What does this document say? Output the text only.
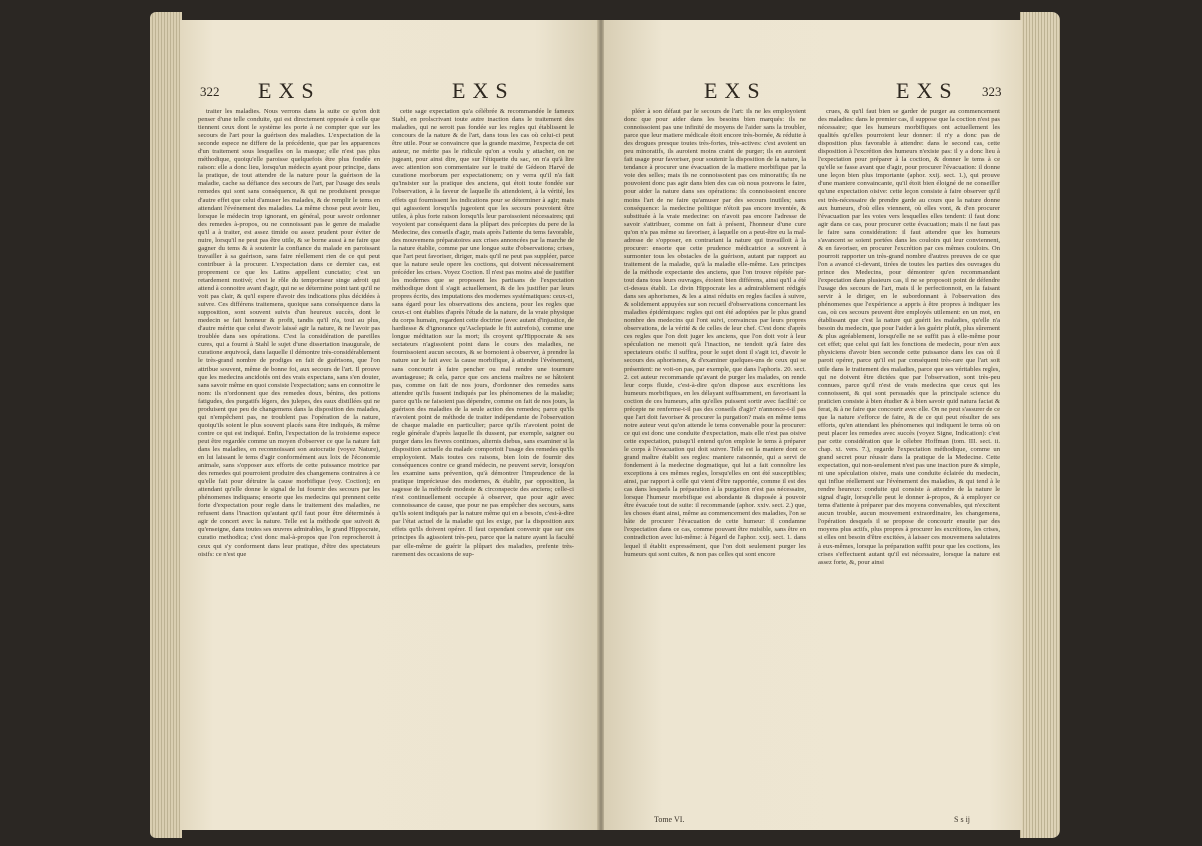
322 EXS	EXS

traiter les maladies. Nous verrons dans la suite ce qu'on doit penser d'une telle conduite, qui est directement opposée à celle que tiennent ceux dont le système les porte à ne compter que sur les secours de l'art pour la guérison des maladies. L'expectation de la seconde espece ne differe de la précédente, que par les apparences d'un traitement sous lesquelles on la masque; elle n'est pas plus méthodique, quoiqu'elle paroisse quelquefois être plus fondée en raison: elle a donc lieu, lorsqu'un médecin ayant pour principe, dans la pratique, de tout attendre de la nature pour la guérison de la maladie, cache sa défiance des secours de l'art, par l'usage des seuls remedes qui sont sans conséquence, & qui ne produisent presque d'autre effet que celui d'amuser les malades, & de remplir le tems en attendant l'événement des maladies. La même chose peut avoir lieu, lorsque le médecin trop ignorant, en général, pour savoir ordonner des remedes à-propos, ou ne connoissant pas le genre de maladie qu'il a à traiter, est assez timide ou assez prudent pour éviter de nuire, lorsqu'il ne peut pas être utile, & se borne aussi à ne faire que gagner du tems & à soutenir la confiance du malade en paroissant travailler à sa guérison, sans faire réellement rien de ce qui peut contribuer à la procurer. L'expectation dans ce dernier cas, est proprement ce que les Latins appellent cunctatio; c'est un retardement motivé; c'est le rôle du temporiseur singe adroit qui attend à connoitre avant d'agir, qui ne se détermine point tant qu'il ne voit pas clair, & qu'il espere d'avoir des indications plus décidées à suivre. Ces différens traitemens, quoique sans conséquence dans la supposition, sont souvent suivis d'un heureux succès, dont le medecin se fait honneur & profit, tandis qu'il n'a, tout au plus, d'autre mérite que celui d'avoir laissé agir la nature, & ne l'avoir pas troublée dans ses opérations. C'est la considération de pareilles cures, qui a fourni à Stahl le sujet d'une dissertation inaugurale, de curatione æquivocâ, dans laquelle il démontre très-considérablement le très-grand nombre de prodiges en fait de guérisons, que l'on attribue souvent, même de bonne foi, aux secours de l'art. Il prouve que les medecins ancidotés ont des vrais expectans, sans s'en douter, sans savoir même en quoi consiste l'expectation; sans en connoitre le nom: ils n'ordonnent que des remedes doux, bénins, des potions fatigudes, des purgatifs légers, des julepes, des eaux distillées qui ne produisent que peu de changemens dans la disposition des malades, qui n'empêchent pas, ne troublent pas l'opération de la nature, quoiqu'ils soient le plus souvent placés sans être indiqués, & même contre ce qui est indiqué. Enfin, l'expectation de la troisieme espece peut être regardée comme un moyen d'observer ce que la nature fait dans les maladies, en reconnoissant son autocratie (voyez Nature), en lui laissant le tems d'agir conformément aux loix de l'économie animale, sans s'opposer aux efforts de cette puissance motrice par des remedes qui pourroient produire des changemens contraires à ce qu'elle fait pour détruire la cause morbifique (voy. Coction); en attendant qu'elle donne le signal de lui fournir des secours par les phénomenes indiquans; ensorte que les medecins qui prennent cette forte d'expectation pour regle dans le traitement des maladies, ne refusent dans l'inaction qu'autant qu'il faut pour être déterminés à agir de concert avec la nature. Telle est la méthode que suivoit & qu'enseigne, dans toutes ses œuvres admirables, le grand Hippocrate, curatio methodica; c'est donc mal-à-propos que l'on reprocheroit à ceux qui s'y conforment dans leur pratique, d'être des spectateurs oisifs: ce n'est que

cette sage expectation qu'a célébrée & recommandée le fameux Stahl, en prolscrivant toute autre inaction dans le traitement des maladies, qui ne seroit pas fondée sur les regles qui établissent le concours de la nature & de l'art, dans tous les cas où celui-ci peut être utile. Pour se convaincre que la grande maxime, l'expecta de cet auteur, ne mérite pas le ridicule qu'on a voulu y attacher, on ne jugeant, pour ainsi dire, que sur l'étiquette du sac, on n'a qu'à lire avec attention son commentaire sur le traité de Gédeon Harvé de curatione morborum per expectationem; on y verra qu'il n'a fait qu'insister sur la pratique des anciens, qui étoit toute fondée sur l'observation, à la faveur de laquelle ils attendoient, à la vérité, les effets qui fournissent les indications pour se déterminer à agir; mais qui agissoient lorsqu'ils jugeoient que les secours pouvoient être utiles, à plus forte raison lorsqu'ils leur paroissoient nécessaires; qui voyoient par conséquent dans la plûpart des préceptes du pere de la Medecine, des conseils d'agir, mais après l'attente du tems favorable, des mouvemens préparatoires aux crises annoncées par la marche de la nature établie, comme par une longue suite d'observations; crises, que l'art peut favoriser, diriger, mais qu'il ne peut pas suppléer, parce que la nature seule opere les coctions, qui doivent nécessairement précéder les crises. Voyez Coction. Il n'est pas moins aisé de justifier les modernes que se proposent les partisans de l'expectation méthodique dont il s'agit actuellement, & de les justifier par leurs propres écrits, des imputations des modernes systématiques: ceux-ci, sans égard pour les observations des anciens, pour les regles que ceux-ci ont établies d'après l'étude de la nature, de la vraie physique du corps humain, regardent cette doctrine (avec autant d'injustice, de hardiesse & d'ignorance qu'Asclepiade le fit autrefois), comme une longue méditation sur la mort; ils croyent qu'Hippocrate & ses sectateurs n'agissoient point dans le cours des maladies, ne fournissoient aucun secours, & se bornoient à observer, à prendre la nature sur le fait avec la cause morbifique, à attendre l'événement, sans concourir à faire pencher ou mal rendre une tournure avantageuse; & cela, parce que ces anciens maîtres ne se hâtoient pas, comme on fait de nos jours, d'ordonner des remedes sans attendre qu'ils fussent indiqués par les phénomenes de la maladie; parce qu'ils ne faisoient pas dépendre, comme on fait de nos jours, la guérison des maladies de la seule action des remedes; parce qu'ils n'avoient point de méthode de traiter indépendante de l'observation de chaque maladie en particulier; parce qu'ils n'avoient point de regle générale d'après laquelle ils dussent, par exemple, saigner ou purger dans les fievres continues, alternis diebus, sans examiner si la disposition actuelle du malade comportoit l'usage des remedes qu'ils employoient. Mais toutes ces raisons, bien loin de fournir des conséquences contre ce grand médecin, ne peuvent servir, lorsqu'on les examine sans prévention, qu'à démontrer l'imprudence de la pratique imprécieuse des modernes, & établir, par opposition, la sagesse de la méthode modeste & circonspecte des anciens; celle-ci n'est continuellement occupée à observer, que pour agir avec connoissance de cause, que pour ne pas empêcher des secours, sans qu'ils soient indiqués par la nature même qui en a besoin, c'est-à-dire par l'état actuel de la maladie qui les exige, par la disposition aux effets qu'ils doivent opérer. Il faut cependant convenir que sur ces principes ils agissoient très-peu, parce que la nature ayant la faculté par elle-même de guérir la plûpart des maladies, prefente très-rarement des occasions de sup-

EXS	EXS 323

pléer à son défaut par le secours de l'art: ils ne les employoient donc que pour aider dans les besoins bien marqués: ils ne connoissoient pas une infinité de moyens de l'aider sans la troubler, parce que leur matiere médicale étoit encore très-bornée, & réduite à des drogues presque toutes très-fortes, très-actives: c'est avoient un peu minoratifs, ils auroient moins craint de purger; ils en auroient fait usage pour favoriser, pour soutenir la disposition de la nature, la tendance à procurer une évacuation de la matiere morbifique par la voie des selles; mais ils ne connoissoient pas ces minoratifs; ils ne pouvoient donc pas agir dans bien des cas où nous pouvons le faire, pour aider la nature dans ses opérations: ils connoissoient encore moins l'art de ne faire qu'amuser par des secours inutiles; sans conséquence: la medecine politique n'étoit pas encore inventée, & substituée à la vraie medecine: on n'avoit pas encore l'adresse de savoir s'attribuer, comme on fait à présent, l'honneur d'une cure qu'on n'a pas même su favoriser, à laquelle on a peut-être eu la mal-adresse de s'opposer, en contrariant la nature qui travailloit à la procurer: ensorte que cette prudence médicatrice a souvent à surmonter tous les obstacles de la guérison, autant par rapport au traitement de la maladie, qu'à la maladie elle-même. Les principes de la méthode expectante des anciens, que l'on trouve répétée par-tout dans tous leurs ouvrages, étoient bien différens, ainsi qu'il a été ci-dessus établi. Le divin Hippocrate les a admirablement rédigés dans ses aphorismes, & les a ainsi réduits en regles faciles à suivre, & solidement appuyées sur son recueil d'observations concernant les maladies épidémiques: regles qui ont été adoptées par le plus grand nombre des medecins qui l'ont suivi, convaincus par leurs propres observations, de la vérité & de celles de leur chef. C'est donc d'après ces regles que l'on doit juger les anciens, que l'on doit voir à leur spéculation ne menoit qu'à l'inaction, ne tendoit qu'à faire des spectateurs oisifs: il suffira, pour le sujet dont il s'agit ici, d'avoir le secours des aphorismes, & d'examiner quelques-uns de ceux qui se présentent: ne voit-on pas, par exemple, que dans l'aphoris. 20. sect. 2. cet auteur recommande qu'avant de purger les malades, on rende leur corps fluide, c'est-à-dire qu'on dispose aux excrétions les humeurs morbifiques, en les délayant suffisamment, en favorisant la coction de ces humeurs, afin qu'elles puissent sortir avec facilité: ce précepte ne renferme-t-il pas des conseils d'agir? n'annonce-t-il pas que l'art doit favoriser & procurer la purgation? mais en même tems notre auteur veut qu'on attende le tems convenable pour la procurer: ce qui est donc une conduite d'expectation, mais elle n'est pas oisive cette expectation, puisqu'il entend qu'on emploie le tems à préparer le corps à l'évacuation qui doit suivre. Telle est la maniere dont ce grand maître établit ses regles: maniere raisonnée, qui a servi de fondement à la medecine dogmatique, qui lui a fait connoître les exceptions à ces mêmes regles, lorsqu'elles en ont été susceptibles; ainsi, par rapport à celle qui vient d'être rapportée, comme il est des cas dans lesquels la préparation à la purgation n'est pas nécessaire, lorsque l'humeur morbifique est abondante & disposée à pouvoir être évacuée tout de suite: il recommande (aphor. xxiv. sect. 2.) que, les choses étant ainsi, même au commencement des maladies, l'on se hâte de procurer l'évacuation de cette humeur: il condamne l'expectation dans ce cas, comme pouvant être nuisible, sans être en contradiction avec lui-même: à l'égard de l'aphor. xxij. sect. 1. dans lequel il établit expressément, que l'on doit seulement purger les humeurs qui sont cuites, & non pas celles qui sont encore

crues, & qu'il faut bien se garder de purger au commencement des maladies: dans le premier cas, il suppose que la coction n'est pas nécessaire; que les humeurs morbifiques ont actuellement les qualités qu'elles pourroient leur donner: il n'y a donc pas de disposition plus favorable à attendre: dans le second cas, cette disposition à l'excrétion des humeurs n'existe pas: il y a donc lieu à l'expectation pour préparer à la coction, & donner le tems à ce qu'elle se fasse avant que d'agir, pour procurer l'évacuation: il donne une leçon bien plus importante (aphor. xxij. sect. 1.), qui prouve d'une maniere convaincante, qu'il étoit bien éloigné de ne conseiller qu'une expectation oisive: cette leçon consiste à faire observer qu'il est très-nécessaire de prendre garde au cours que la nature donne aux humeurs, d'où elles viennent, où elles vont, & d'en procurer l'évacuation par les voies vers lesquelles elles tendent: il faut donc agir dans ce cas, pour procurer cette évacuation; mais il ne faut pas le faire sans considération: il faut attendre que les humeurs s'avancent se soient portées dans les couloirs qui leur conviennent, & en favoriser, en procurer l'excrétion par ces mêmes couloirs. On pourroit rapporter un très-grand nombre d'autres preuves de ce que l'on a avancé ci-devant, tirées de toutes les parties des ouvrages du prince des Medecins, pour démontrer qu'en recommandant l'expectation dans plusieurs cas, il ne se proposoit point de défendre l'usage des secours de l'art, mais il le perfectionnoit, en la faisant servir à le diriger, en le subordonnant à l'observation des phénomenes que l'expérience a appris à être propres à indiquer les cas, où ces secours peuvent être employés utilement: en un mot, en établissant que c'est la nature qui guérit les maladies, qu'elle n'a besoin du medecin, que pour l'aider à les guérir plutôt, plus sûrement & plus agréablement, lorsqu'elle ne se suffit pas à elle-même pour cet effet; que celui qui fait les fonctions de medecin, pour n'en aux physiciens d'avoir bien seconde cette puissance dans les cas où il paroit opérer, parce qu'il est par conséquent très-rare que l'art soit utile dans le traitement des maladies, parce que ses véritables regles, qui ne doivent être dictées que par l'observation, sont très-peu connues, parce qu'il n'est de vrais medecins que ceux qui les connoissent, & qui sont persuadés que la principale science du praticien consiste à bien étudier & à bien savoir quid natura faciat & ferat, & à ne faire que concourir avec elle. On ne peut s'assurer de ce que la nature s'efforce de faire, & de ce qui peut résulter de ses efforts, qu'en attendant les phénomenes qui indiquent le tems où on peut placer les remedes avec succès (voyez Signe, Indication): c'est par cette considération que le célebre Hoffman (tom. III. sect. ii. chap. xi. vers. 7.), regarde l'expectation méthodique, comme un grand secret pour réussir dans la pratique de la Medecine. Cette expectation, qui non-seulement n'est pas une inaction pure & simple, ni une spéculation oisive, mais une conduite éclairée du medecin, qui influe réellement sur l'événement des maladies, & qui tend à le rendre heureux: conduite qui consiste à attendre de la nature le signal d'agir, lorsqu'elle peut le donner à-propos, & à employer ce tems d'attente à préparer par des moyens convenables, qui n'excitent aucun trouble, aucun mouvement extraordinaire, les changemens, l'opération desquels il se propose de concourir ensuite par des moyens plus actifs, plus propres à procurer les excrétions, les crises, si elles ont besoin d'être excitées, à laisser ces mouvemens salutaires à eux-mêmes, lorsque la préparation suffit pour que les coctions, les crises s'effectuent autant qu'il est nécessaire, lorsque la nature est assez forte, &, pour ainsi

Tome VI.	S s ij
